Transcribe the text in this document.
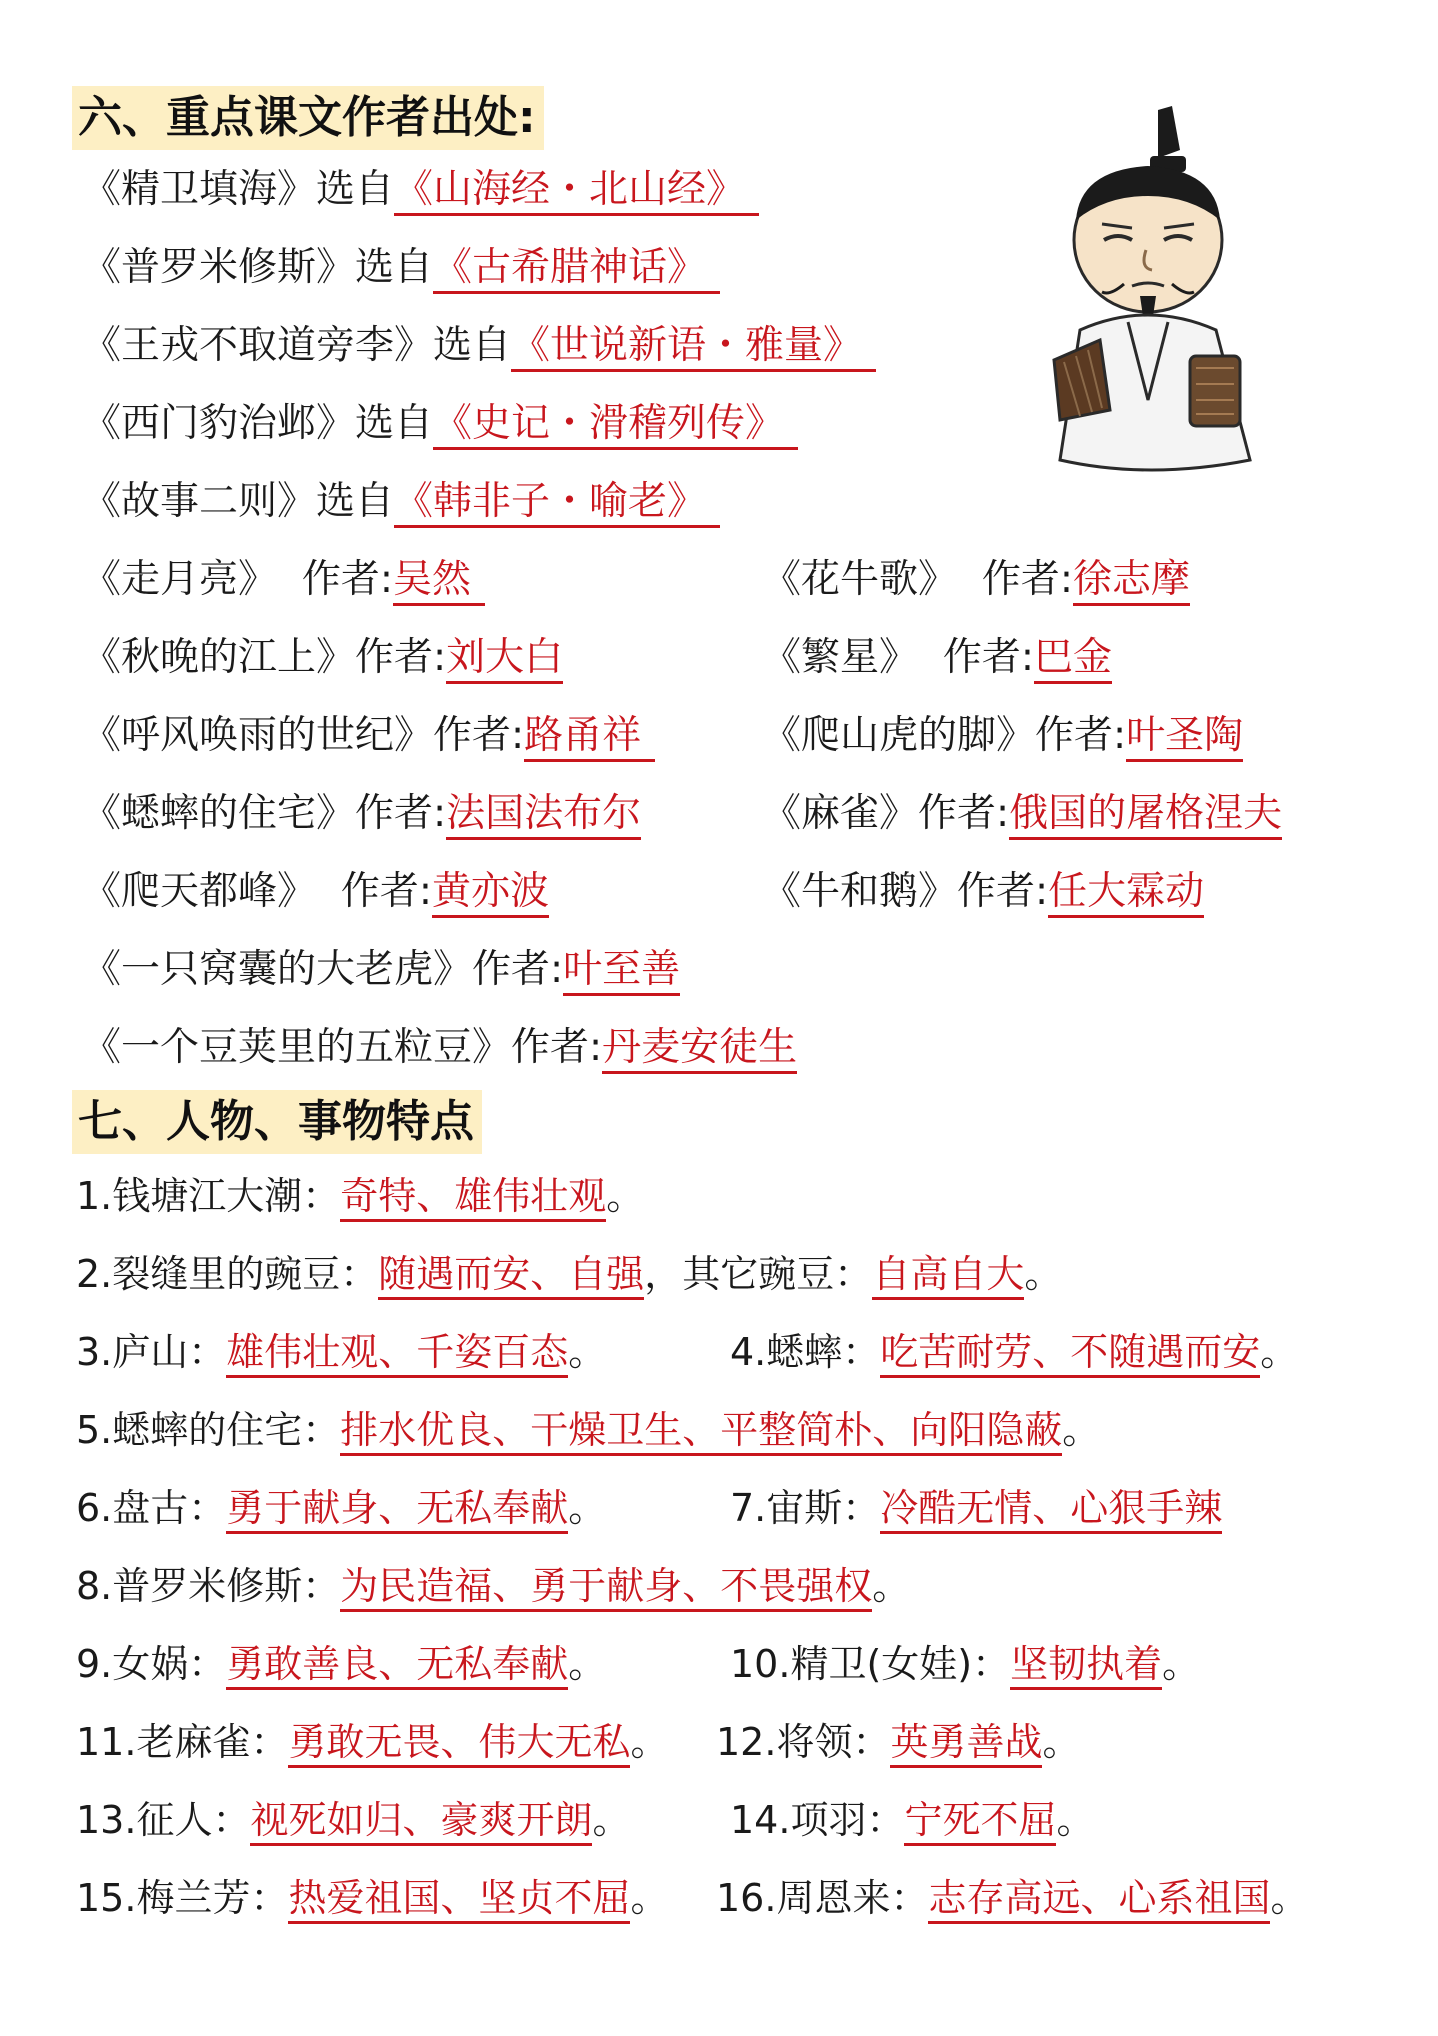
六、重点课文作者出处:
《精卫填海》选自《山海经・北山经》
《普罗米修斯》选自《古希腊神话》
《王戎不取道旁李》选自《世说新语・雅量》
《西门豹治邺》选自《史记・滑稽列传》
《故事二则》选自《韩非子・喻老》
《走月亮》 作者:吴然	《花牛歌》 作者:徐志摩
《秋晚的江上》作者:刘大白	《繁星》 作者:巴金
《呼风唤雨的世纪》作者:路甬祥	《爬山虎的脚》作者:叶圣陶
《蟋蟀的住宅》作者:法国法布尔	《麻雀》作者:俄国的屠格涅夫
《爬天都峰》 作者:黄亦波	《牛和鹅》作者:任大霖动
《一只窝囊的大老虎》作者:叶至善
《一个豆荚里的五粒豆》作者:丹麦安徒生
七、人物、事物特点
1.钱塘江大潮：奇特、雄伟壮观。
2.裂缝里的豌豆：随遇而安、自强，其它豌豆：自高自大。
3.庐山：雄伟壮观、千姿百态。	4.蟋蟀：吃苦耐劳、不随遇而安。
5.蟋蟀的住宅：排水优良、干燥卫生、平整简朴、向阳隐蔽。
6.盘古：勇于献身、无私奉献。	7.宙斯：冷酷无情、心狠手辣
8.普罗米修斯：为民造福、勇于献身、不畏强权。
9.女娲：勇敢善良、无私奉献。	10.精卫(女娃)：坚韧执着。
11.老麻雀：勇敢无畏、伟大无私。 12.将领：英勇善战。
13.征人：视死如归、豪爽开朗。	14.项羽：宁死不屈。
15.梅兰芳：热爱祖国、坚贞不屈。 16.周恩来：志存高远、心系祖国。
